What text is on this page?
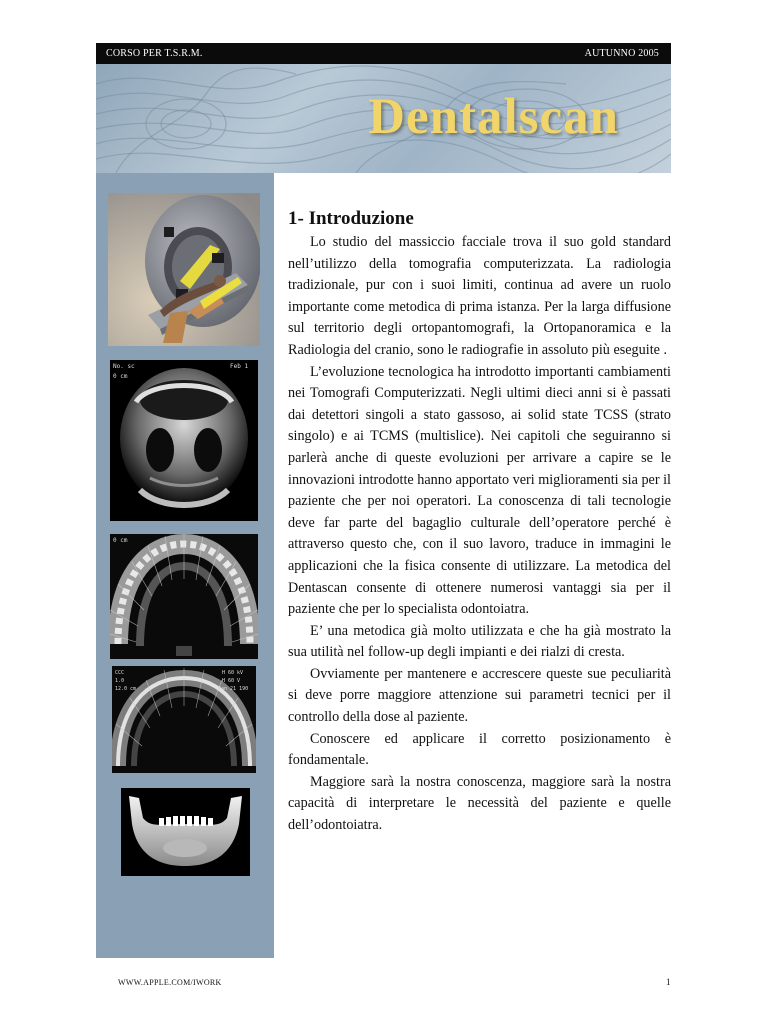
CORSO PER T.S.R.M.	AUTUNNO 2005
Dentalscan
No. sc
0 cm
Feb 1
0 cm
CCC
1.0
12.0 cm
H 60 kV
H 60 V
Jan 21 190
1- Introduzione

Lo studio del massiccio facciale trova il suo gold standard nell’utilizzo della tomografia computerizzata. La radiologia tradizionale, pur con i suoi limiti, continua ad avere un ruolo importante come metodica di prima istanza. Per la larga diffusione sul territorio degli ortopantomografi, la Ortopanoramica e la Radiologia del cranio, sono le radiografie in assoluto più eseguite .

L’evoluzione tecnologica ha introdotto importanti cambiamenti nei Tomografi Computerizzati. Negli ultimi dieci anni si è passati dai detettori singoli a stato gassoso, ai solid state TCSS (strato singolo) e ai TCMS (multislice). Nei capitoli che seguiranno si parlerà anche di queste evoluzioni per arrivare a capire se le innovazioni introdotte hanno apportato veri miglioramenti sia per il paziente che per noi operatori. La conoscenza di tali tecnologie deve far parte del bagaglio culturale dell’operatore perché è attraverso questo che, con il suo lavoro, traduce in immagini le applicazioni che la fisica consente di utilizzare. La metodica del Dentascan consente di ottenere numerosi vantaggi sia per il paziente che per lo specialista odontoiatra.

E’ una metodica già molto utilizzata e che ha già mostrato la sua utilità nel follow-up degli impianti e dei rialzi di cresta.

Ovviamente per mantenere e accrescere queste sue peculiarità si deve porre maggiore attenzione sui parametri tecnici per il controllo della dose al paziente.

Conoscere ed applicare il corretto posizionamento è fondamentale.

Maggiore sarà la nostra conoscenza, maggiore sarà la nostra capacità di interpretare le necessità del paziente e quelle dell’odontoiatra.

WWW.APPLE.COM/IWORK	1
